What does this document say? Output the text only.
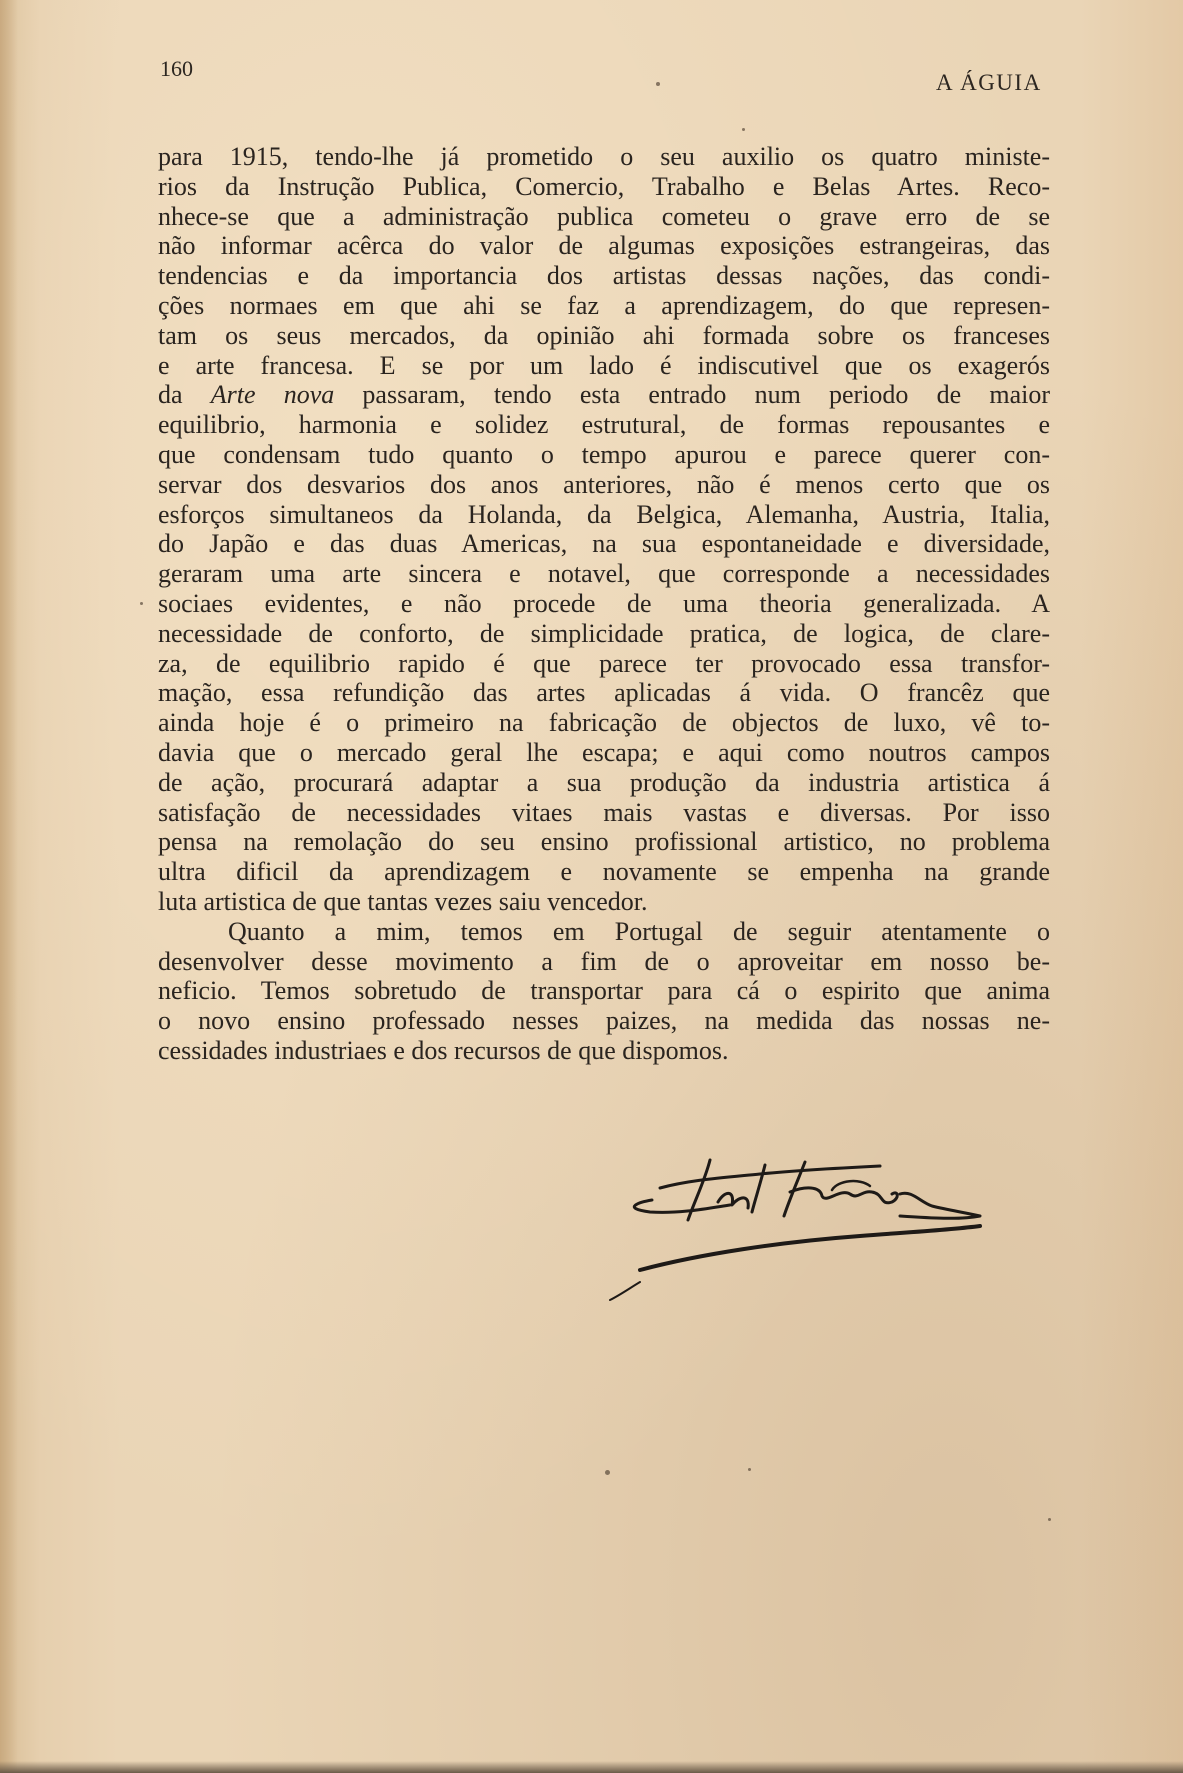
160
A ÁGUIA
para 1915, tendo-lhe já prometido o seu auxilio os quatro ministe-
rios da Instrução Publica, Comercio, Trabalho e Belas Artes. Reco-
nhece-se que a administração publica cometeu o grave erro de se
não informar acêrca do valor de algumas exposições estrangeiras, das
tendencias e da importancia dos artistas dessas nações, das condi-
ções normaes em que ahi se faz a aprendizagem, do que represen-
tam os seus mercados, da opinião ahi formada sobre os franceses
e arte francesa. E se por um lado é indiscutivel que os exagerós
da Arte nova passaram, tendo esta entrado num periodo de maior
equilibrio, harmonia e solidez estrutural, de formas repousantes e
que condensam tudo quanto o tempo apurou e parece querer con-
servar dos desvarios dos anos anteriores, não é menos certo que os
esforços simultaneos da Holanda, da Belgica, Alemanha, Austria, Italia,
do Japão e das duas Americas, na sua espontaneidade e diversidade,
geraram uma arte sincera e notavel, que corresponde a necessidades
sociaes evidentes, e não procede de uma theoria generalizada. A
necessidade de conforto, de simplicidade pratica, de logica, de clare-
za, de equilibrio rapido é que parece ter provocado essa transfor-
mação, essa refundição das artes aplicadas á vida. O francêz que
ainda hoje é o primeiro na fabricação de objectos de luxo, vê to-
davia que o mercado geral lhe escapa; e aqui como noutros campos
de ação, procurará adaptar a sua produção da industria artistica á
satisfação de necessidades vitaes mais vastas e diversas. Por isso
pensa na remolação do seu ensino profissional artistico, no problema
ultra dificil da aprendizagem e novamente se empenha na grande
luta artistica de que tantas vezes saiu vencedor.
Quanto a mim, temos em Portugal de seguir atentamente o
desenvolver desse movimento a fim de o aproveitar em nosso be-
neficio. Temos sobretudo de transportar para cá o espirito que anima
o novo ensino professado nesses paizes, na medida das nossas ne-
cessidades industriaes e dos recursos de que dispomos.
